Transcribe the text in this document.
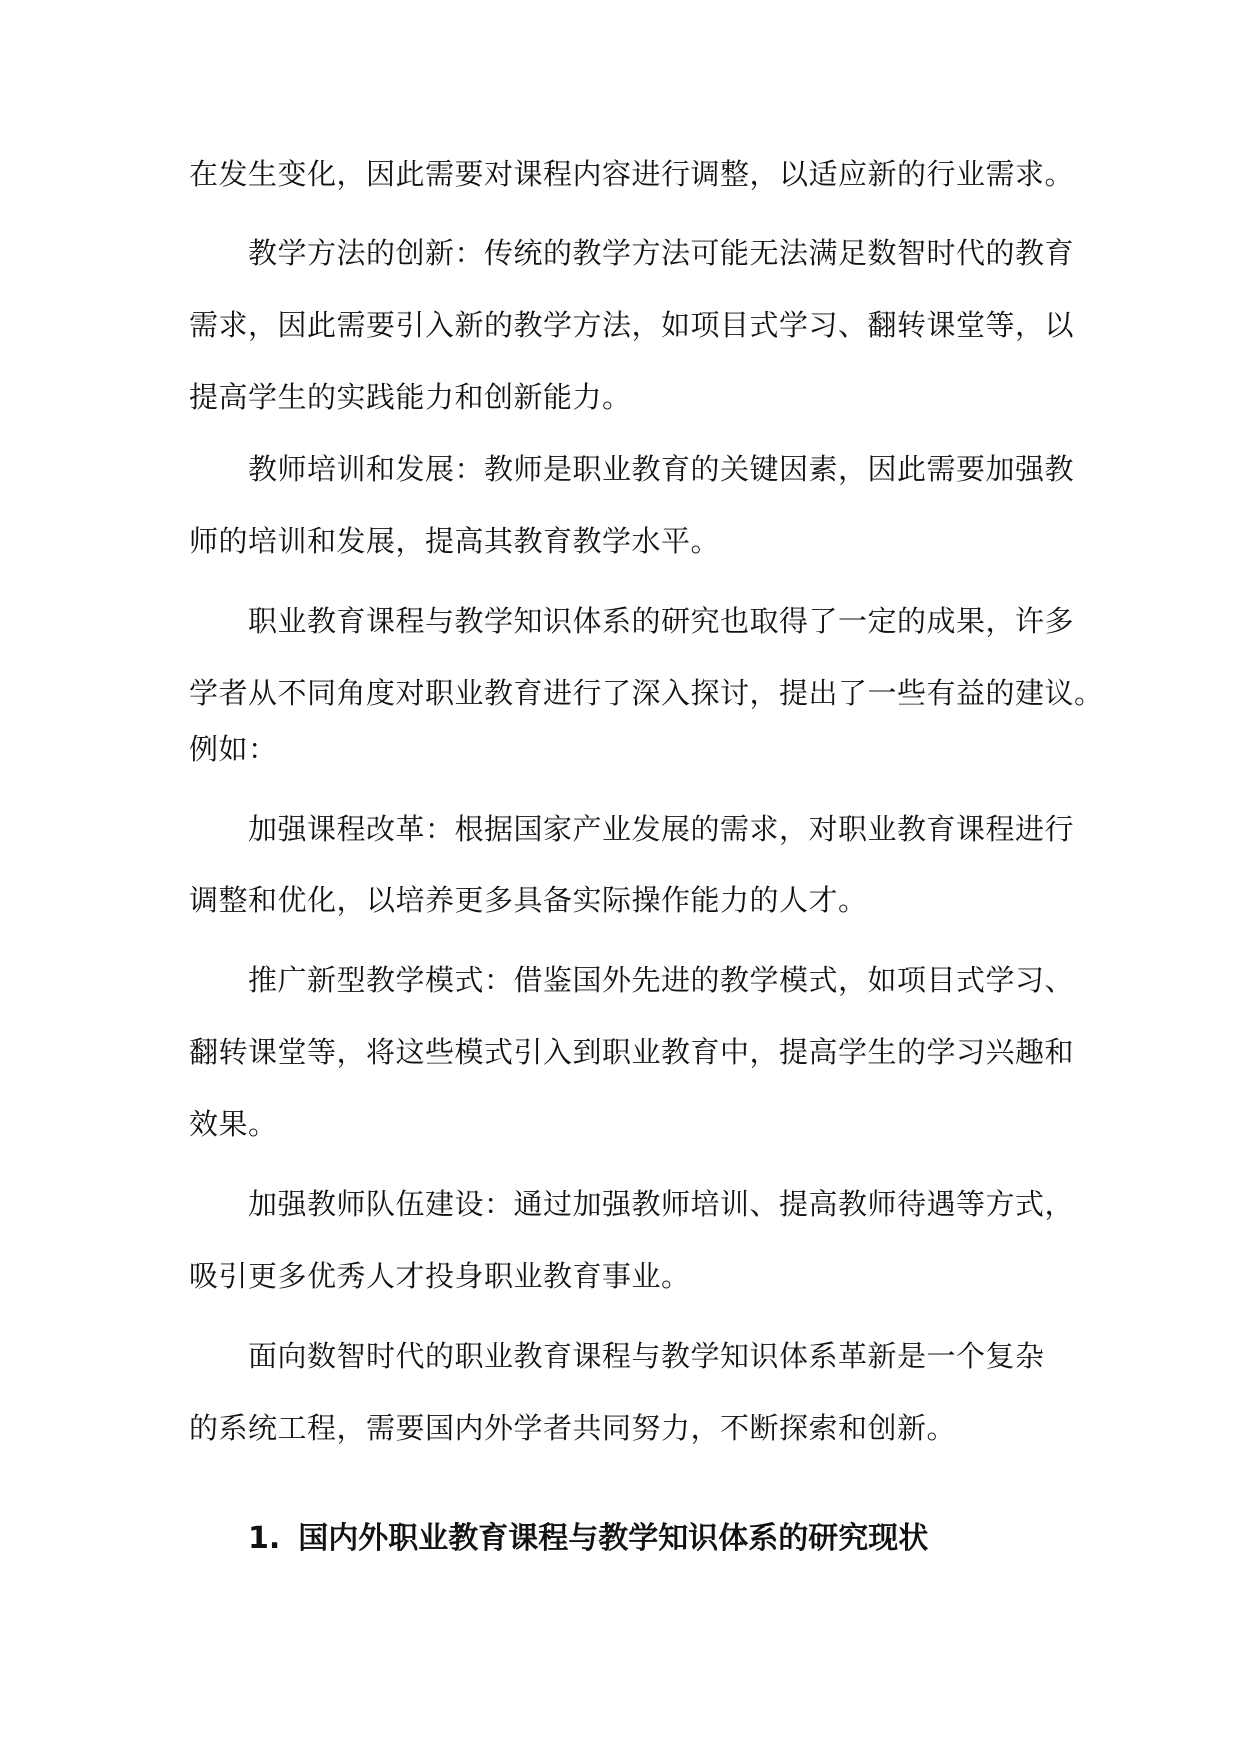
在发生变化，因此需要对课程内容进行调整，以适应新的行业需求。
教学方法的创新：传统的教学方法可能无法满足数智时代的教育
需求，因此需要引入新的教学方法，如项目式学习、翻转课堂等，以
提高学生的实践能力和创新能力。
教师培训和发展：教师是职业教育的关键因素，因此需要加强教
师的培训和发展，提高其教育教学水平。
职业教育课程与教学知识体系的研究也取得了一定的成果，许多
学者从不同角度对职业教育进行了深入探讨，提出了一些有益的建议。
例如：
加强课程改革：根据国家产业发展的需求，对职业教育课程进行
调整和优化，以培养更多具备实际操作能力的人才。
推广新型教学模式：借鉴国外先进的教学模式，如项目式学习、
翻转课堂等，将这些模式引入到职业教育中，提高学生的学习兴趣和
效果。
加强教师队伍建设：通过加强教师培训、提高教师待遇等方式，
吸引更多优秀人才投身职业教育事业。
面向数智时代的职业教育课程与教学知识体系革新是一个复杂
的系统工程，需要国内外学者共同努力，不断探索和创新。
1. 国内外职业教育课程与教学知识体系的研究现状
